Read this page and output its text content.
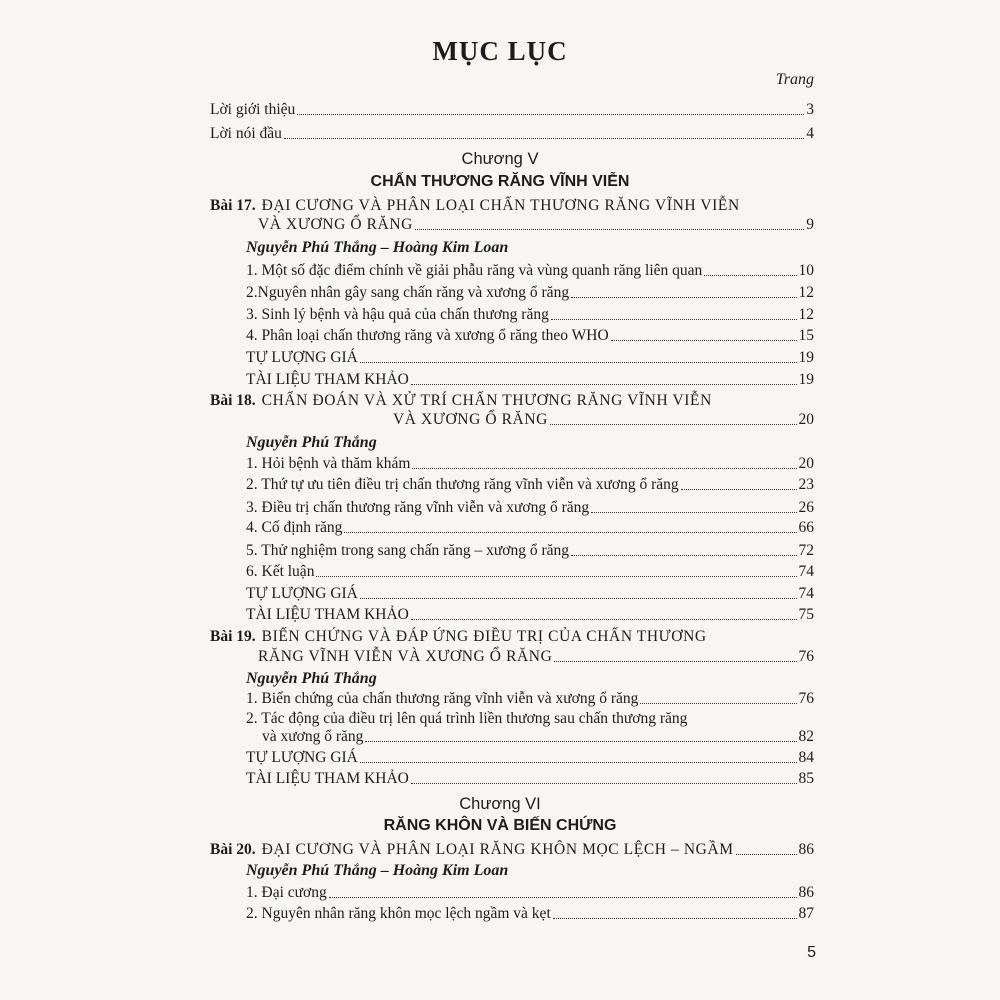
MỤC LỤC
Trang
Lời giới thiệu	3
Lời nói đầu	4
Chương V
CHẤN THƯƠNG RĂNG VĨNH VIỄN
Bài 17. ĐẠI CƯƠNG VÀ PHÂN LOẠI CHẤN THƯƠNG RĂNG VĨNH VIỄN
VÀ XƯƠNG Ổ RĂNG	9
Nguyễn Phú Thắng – Hoàng Kim Loan
1. Một số đặc điểm chính về giải phẫu răng và vùng quanh răng liên quan	10
2.Nguyên nhân gây sang chấn răng và xương ổ răng	12
3. Sinh lý bệnh và hậu quả của chấn thương răng	12
4. Phân loại chấn thương răng và xương ổ răng theo WHO	15
TỰ LƯỢNG GIÁ	19
TÀI LIỆU THAM KHẢO	19
Bài 18. CHẨN ĐOÁN VÀ XỬ TRÍ CHẤN THƯƠNG RĂNG VĨNH VIỄN
VÀ XƯƠNG Ổ RĂNG	20
Nguyễn Phú Thắng
1. Hỏi bệnh và thăm khám	20
2. Thứ tự ưu tiên điều trị chấn thương răng vĩnh viễn và xương ổ răng	23
3. Điều trị chấn thương răng vĩnh viễn và xương ổ răng	26
4. Cố định răng	66
5. Thử nghiệm trong sang chấn răng – xương ổ răng	72
6. Kết luận	74
TỰ LƯỢNG GIÁ	74
TÀI LIỆU THAM KHẢO	75
Bài 19. BIẾN CHỨNG VÀ ĐÁP ỨNG ĐIỀU TRỊ CỦA CHẤN THƯƠNG
RĂNG VĨNH VIỄN VÀ XƯƠNG Ổ RĂNG	76
Nguyễn Phú Thắng
1. Biến chứng của chấn thương răng vĩnh viễn và xương ổ răng	76
2. Tác động của điều trị lên quá trình liền thương sau chấn thương răng
và xương ổ răng	82
TỰ LƯỢNG GIÁ	84
TÀI LIỆU THAM KHẢO	85
Chương VI
RĂNG KHÔN VÀ BIẾN CHỨNG
Bài 20. ĐẠI CƯƠNG VÀ PHÂN LOẠI RĂNG KHÔN MỌC LỆCH – NGẦM	86
Nguyễn Phú Thắng – Hoàng Kim Loan
1. Đại cương	86
2. Nguyên nhân răng khôn mọc lệch ngầm và kẹt	87
5
